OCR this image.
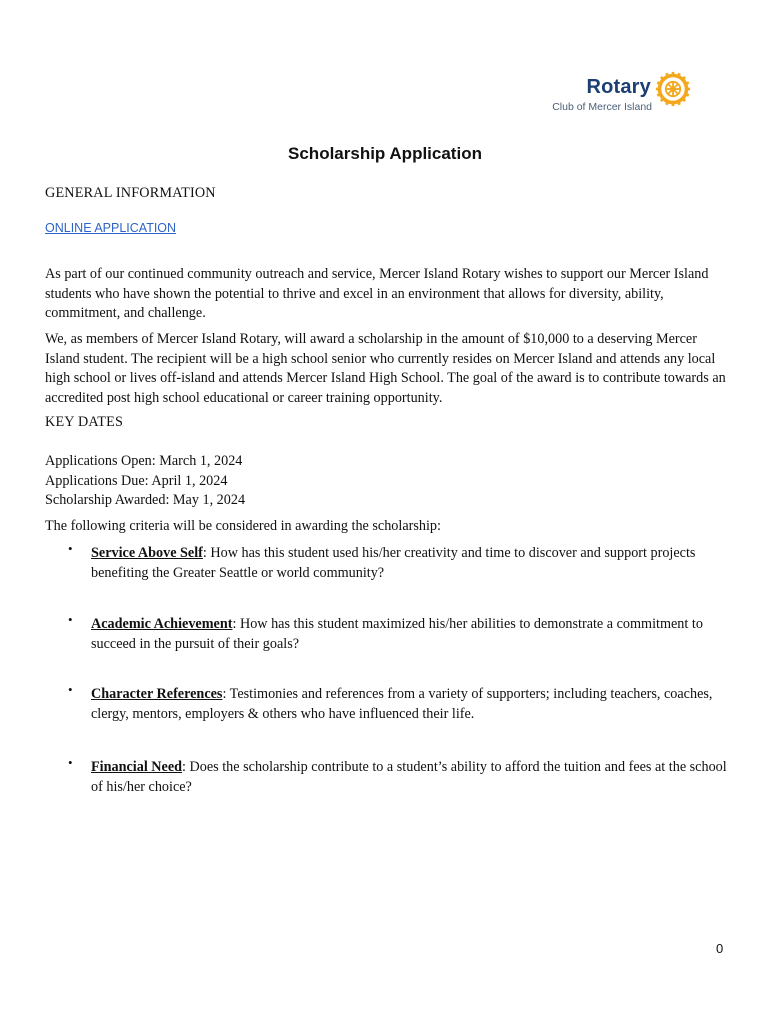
Rotary
Club of Mercer Island
Scholarship Application
GENERAL INFORMATION
ONLINE APPLICATION
As part of our continued community outreach and service, Mercer Island Rotary wishes to support our Mercer Island students who have shown the potential to thrive and excel in an environment that allows for diversity, ability, commitment, and challenge.
We, as members of Mercer Island Rotary, will award a scholarship in the amount of $10,000 to a deserving Mercer Island student. The recipient will be a high school senior who currently resides on Mercer Island and attends any local high school or lives off-island and attends Mercer Island High School. The goal of the award is to contribute towards an accredited post high school educational or career training opportunity.
KEY DATES
Applications Open: March 1, 2024
Applications Due: April 1, 2024
Scholarship Awarded: May 1, 2024
The following criteria will be considered in awarding the scholarship:
• Service Above Self: How has this student used his/her creativity and time to discover and support projects benefiting the Greater Seattle or world community?
• Academic Achievement: How has this student maximized his/her abilities to demonstrate a commitment to succeed in the pursuit of their goals?
• Character References: Testimonies and references from a variety of supporters; including teachers, coaches, clergy, mentors, employers & others who have influenced their life.
• Financial Need: Does the scholarship contribute to a student’s ability to afford the tuition and fees at the school of his/her choice?
0
